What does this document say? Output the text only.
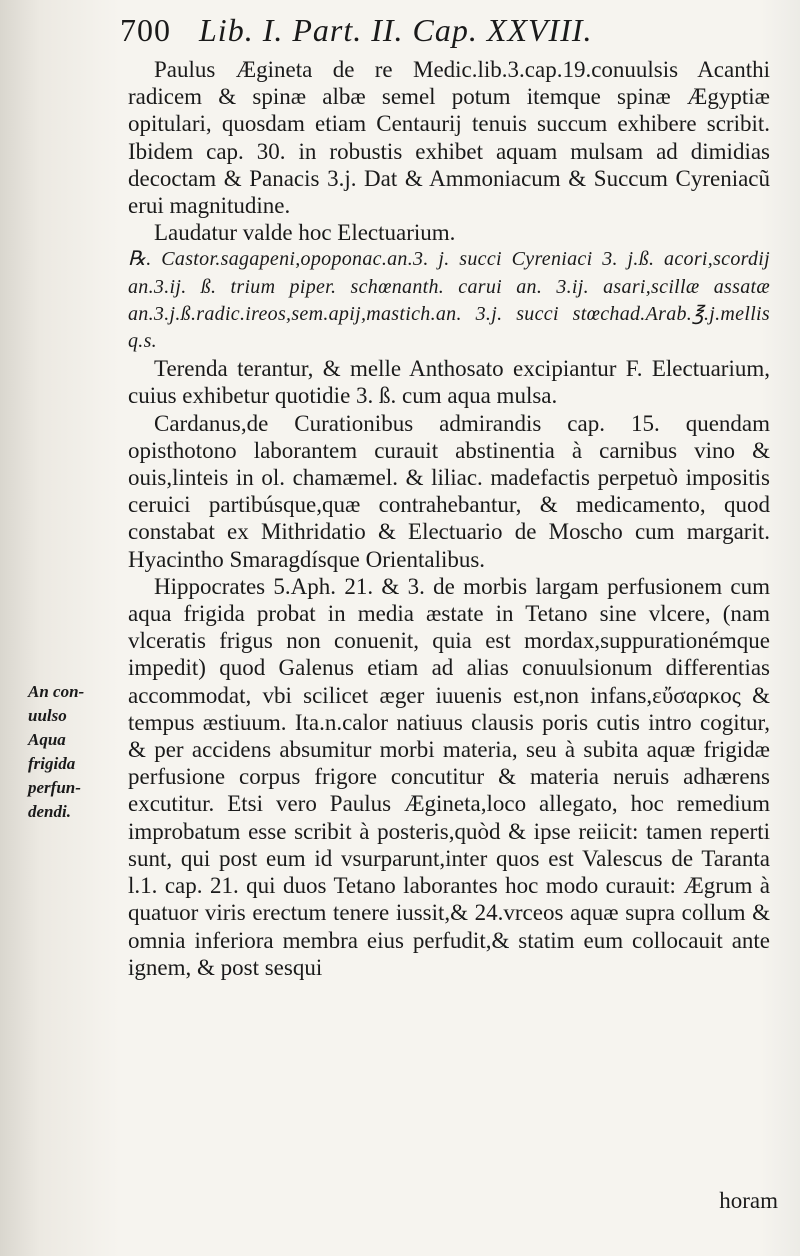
700 Lib. I. Part. II. Cap. XXVIII.
An con-
uulso
Aqua
frigida
perfun-
dendi.

Paulus Ægineta de re Medic.lib.3.cap.19.conuulsis Acanthi radicem & spinæ albæ semel potum itemque spinæ Ægyptiæ opitulari, quosdam etiam Centaurij tenuis succum exhibere scribit. Ibidem cap. 30. in robustis exhibet aquam mulsam ad dimidias decoctam & Panacis 3.j. Dat & Ammoniacum & Succum Cyreniacũ erui magnitudine.

Laudatur valde hoc Electuarium.

℞. Castor.sagapeni,opoponac.an.3. j. succi Cyreniaci 3. j.ß. acori,scordij an.3.ij. ß. trium piper. schœnanth. carui an. 3.ij. asari,scillæ assatæ an.3.j.ß.radic.ireos,sem.apij,mastich.an. 3.j. succi stœchad.Arab.℥.j.mellis q.s.

Terenda terantur, & melle Anthosato excipiantur F. Electuarium, cuius exhibetur quotidie 3. ß. cum aqua mulsa.

Cardanus,de Curationibus admirandis cap. 15. quendam opisthotono laborantem curauit abstinentia à carnibus vino & ouis,linteis in ol. chamæmel. & liliac. madefactis perpetuò impositis ceruici partibúsque,quæ contrahebantur, & medicamento, quod constabat ex Mithridatio & Electuario de Moscho cum margarit. Hyacintho Smaragdísque Orientalibus.

Hippocrates 5.Aph. 21. & 3. de morbis largam perfusionem cum aqua frigida probat in media æstate in Tetano sine vlcere, (nam vlceratis frigus non conuenit, quia est mordax,suppurationémque impedit) quod Galenus etiam ad alias conuulsionum differentias accommodat, vbi scilicet æger iuuenis est,non infans,εὔσαρκος & tempus æstiuum. Ita.n.calor natiuus clausis poris cutis intro cogitur, & per accidens absumitur morbi materia, seu à subita aquæ frigidæ perfusione corpus frigore concutitur & materia neruis adhærens excutitur. Etsi vero Paulus Ægineta,loco allegato, hoc remedium improbatum esse scribit à posteris,quòd & ipse reiicit: tamen reperti sunt, qui post eum id vsurparunt,inter quos est Valescus de Taranta l.1. cap. 21. qui duos Tetano laborantes hoc modo curauit: Ægrum à quatuor viris erectum tenere iussit,& 24.vrceos aquæ supra collum & omnia inferiora membra eius perfudit,& statim eum collocauit ante ignem, & post sesqui

horam
